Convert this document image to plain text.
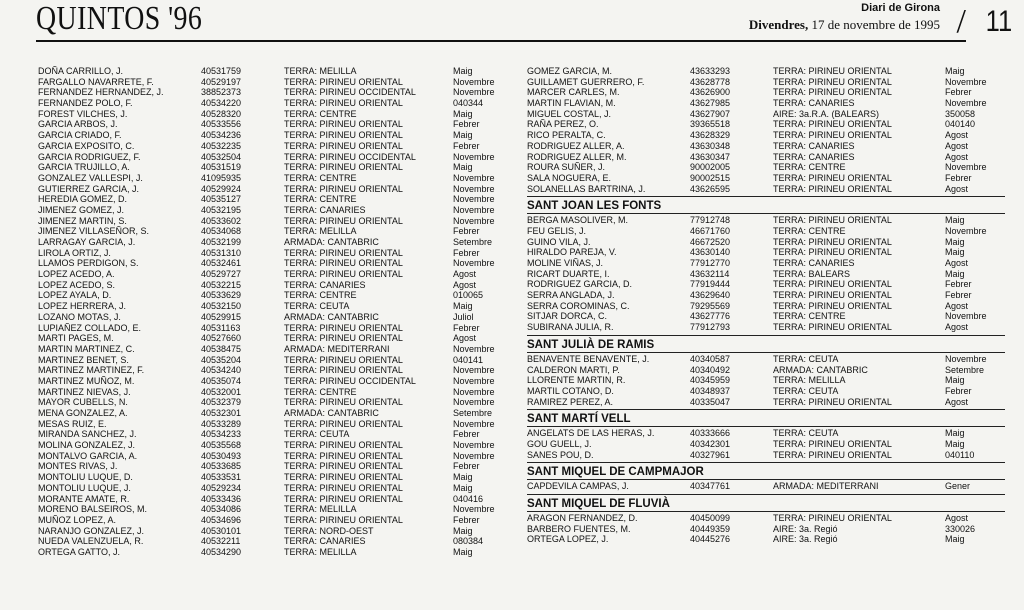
QUINTOS '96	Diari de Girona
Divendres, 17 de novembre de 1995 / 11
DOÑA CARRILLO, J.	40531759	TERRA: MELILLA	Maig
FARGALLO NAVARRETE, F.	40529197	TERRA: PIRINEU ORIENTAL	Novembre
FERNANDEZ HERNANDEZ, J.	38852373	TERRA: PIRINEU OCCIDENTAL	Novembre
FERNANDEZ POLO, F.	40534220	TERRA: PIRINEU ORIENTAL	040344
FOREST VILCHES, J.	40528320	TERRA: CENTRE	Maig
GARCIA ARBOS, J.	40533556	TERRA: PIRINEU ORIENTAL	Febrer
GARCIA CRIADO, F.	40534236	TERRA: PIRINEU ORIENTAL	Maig
GARCIA EXPOSITO, C.	40532235	TERRA: PIRINEU ORIENTAL	Febrer
GARCIA RODRIGUEZ, F.	40532504	TERRA: PIRINEU OCCIDENTAL	Novembre
GARCIA TRUJILLO, A.	40531519	TERRA: PIRINEU ORIENTAL	Maig
GONZALEZ VALLESPI, J.	41095935	TERRA: CENTRE	Novembre
GUTIERREZ GARCIA, J.	40529924	TERRA: PIRINEU ORIENTAL	Novembre
HEREDIA GOMEZ, D.	40535127	TERRA: CENTRE	Novembre
JIMENEZ GOMEZ, J.	40532195	TERRA: CANARIES	Novembre
JIMENEZ MARTIN, S.	40533602	TERRA: PIRINEU ORIENTAL	Novembre
JIMENEZ VILLASEÑOR, S.	40534068	TERRA: MELILLA	Febrer
LARRAGAY GARCIA, J.	40532199	ARMADA: CANTABRIC	Setembre
LIROLA ORTIZ, J.	40531310	TERRA: PIRINEU ORIENTAL	Febrer
LLAMOS PERDIGON, S.	40532461	TERRA: PIRINEU ORIENTAL	Novembre
LOPEZ ACEDO, A.	40529727	TERRA: PIRINEU ORIENTAL	Agost
LOPEZ ACEDO, S.	40532215	TERRA: CANARIES	Agost
LOPEZ AYALA, D.	40533629	TERRA: CENTRE	010065
LOPEZ HERRERA, J.	40532150	TERRA: CEUTA	Maig
LOZANO MOTAS, J.	40529915	ARMADA: CANTABRIC	Juliol
LUPIAÑEZ COLLADO, E.	40531163	TERRA: PIRINEU ORIENTAL	Febrer
MARTI PAGES, M.	40527660	TERRA: PIRINEU ORIENTAL	Agost
MARTIN MARTINEZ, C.	40538475	ARMADA: MEDITERRANI	Novembre
MARTINEZ BENET, S.	40535204	TERRA: PIRINEU ORIENTAL	040141
MARTINEZ MARTINEZ, F.	40534240	TERRA: PIRINEU ORIENTAL	Novembre
MARTINEZ MUÑOZ, M.	40535074	TERRA: PIRINEU OCCIDENTAL	Novembre
MARTINEZ NIEVAS, J.	40532001	TERRA: CENTRE	Novembre
MAYOR CUBELLS, N.	40532379	TERRA: PIRINEU ORIENTAL	Novembre
MENA GONZALEZ, A.	40532301	ARMADA: CANTABRIC	Setembre
MESAS RUIZ, E.	40533289	TERRA: PIRINEU ORIENTAL	Novembre
MIRANDA SANCHEZ, J.	40534233	TERRA: CEUTA	Febrer
MOLINA GONZALEZ, J.	40535568	TERRA: PIRINEU ORIENTAL	Novembre
MONTALVO GARCIA, A.	40530493	TERRA: PIRINEU ORIENTAL	Novembre
MONTES RIVAS, J.	40533685	TERRA: PIRINEU ORIENTAL	Febrer
MONTOLIU LUQUE, D.	40533531	TERRA: PIRINEU ORIENTAL	Maig
MONTOLIU LUQUE, J.	40529234	TERRA: PIRINEU ORIENTAL	Maig
MORANTE AMATE, R.	40533436	TERRA: PIRINEU ORIENTAL	040416
MORENO BALSEIROS, M.	40534086	TERRA: MELILLA	Novembre
MUÑOZ LOPEZ, A.	40534696	TERRA: PIRINEU ORIENTAL	Febrer
NARANJO GONZALEZ, J.	40530101	TERRA: NORD-OEST	Maig
NUEDA VALENZUELA, R.	40532211	TERRA: CANARIES	080384
ORTEGA GATTO, J.	40534290	TERRA: MELILLA	Maig
GOMEZ GARCIA, M.	43633293	TERRA: PIRINEU ORIENTAL	Maig
GUILLAMET GUERRERO, F.	43628778	TERRA: PIRINEU ORIENTAL	Novembre
MARCER CARLES, M.	43626900	TERRA: PIRINEU ORIENTAL	Febrer
MARTIN FLAVIAN, M.	43627985	TERRA: CANARIES	Novembre
MIGUEL COSTAL, J.	43627907	AIRE: 3a.R.A. (BALEARS)	350058
RAÑA PEREZ, O.	39365518	TERRA: PIRINEU ORIENTAL	040140
RICO PERALTA, C.	43628329	TERRA: PIRINEU ORIENTAL	Agost
RODRIGUEZ ALLER, A.	43630348	TERRA: CANARIES	Agost
RODRIGUEZ ALLER, M.	43630347	TERRA: CANARIES	Agost
ROURA SUÑER, J.	90002005	TERRA: CENTRE	Novembre
SALA NOGUERA, E.	90002515	TERRA: PIRINEU ORIENTAL	Febrer
SOLANELLAS BARTRINA, J.	43626595	TERRA: PIRINEU ORIENTAL	Agost
SANT JOAN LES FONTS
BERGA MASOLIVER, M.	77912748	TERRA: PIRINEU ORIENTAL	Maig
FEU GELIS, J.	46671760	TERRA: CENTRE	Novembre
GUINO VILA, J.	46672520	TERRA: PIRINEU ORIENTAL	Maig
HIRALDO PAREJA, V.	43630140	TERRA: PIRINEU ORIENTAL	Maig
MOLINE VIÑAS, J.	77912770	TERRA: CANARIES	Agost
RICART DUARTE, I.	43632114	TERRA: BALEARS	Maig
RODRIGUEZ GARCIA, D.	77919444	TERRA: PIRINEU ORIENTAL	Febrer
SERRA ANGLADA, J.	43629640	TERRA: PIRINEU ORIENTAL	Febrer
SERRA COROMINAS, C.	79295569	TERRA: PIRINEU ORIENTAL	Agost
SITJAR DORCA, C.	43627776	TERRA: CENTRE	Novembre
SUBIRANA JULIA, R.	77912793	TERRA: PIRINEU ORIENTAL	Agost
SANT JULIÀ DE RAMIS
BENAVENTE BENAVENTE, J.	40340587	TERRA: CEUTA	Novembre
CALDERON MARTI, P.	40340492	ARMADA: CANTABRIC	Setembre
LLORENTE MARTIN, R.	40345959	TERRA: MELILLA	Maig
MARTIL COTANO, D.	40348937	TERRA: CEUTA	Febrer
RAMIREZ PEREZ, A.	40335047	TERRA: PIRINEU ORIENTAL	Agost
SANT MARTÍ VELL
ANGELATS DE LAS HERAS, J.	40333666	TERRA: CEUTA	Maig
GOU GUELL, J.	40342301	TERRA: PIRINEU ORIENTAL	Maig
SANES POU, D.	40327961	TERRA: PIRINEU ORIENTAL	040110
SANT MIQUEL DE CAMPMAJOR
CAPDEVILA CAMPAS, J.	40347761	ARMADA: MEDITERRANI	Gener
SANT MIQUEL DE FLUVIÀ
ARAGON FERNANDEZ, D.	40450099	TERRA: PIRINEU ORIENTAL	Agost
BARBERO FUENTES, M.	40449359	AIRE: 3a. Regió	330026
ORTEGA LOPEZ, J.	40445276	AIRE: 3a. Regió	Maig
